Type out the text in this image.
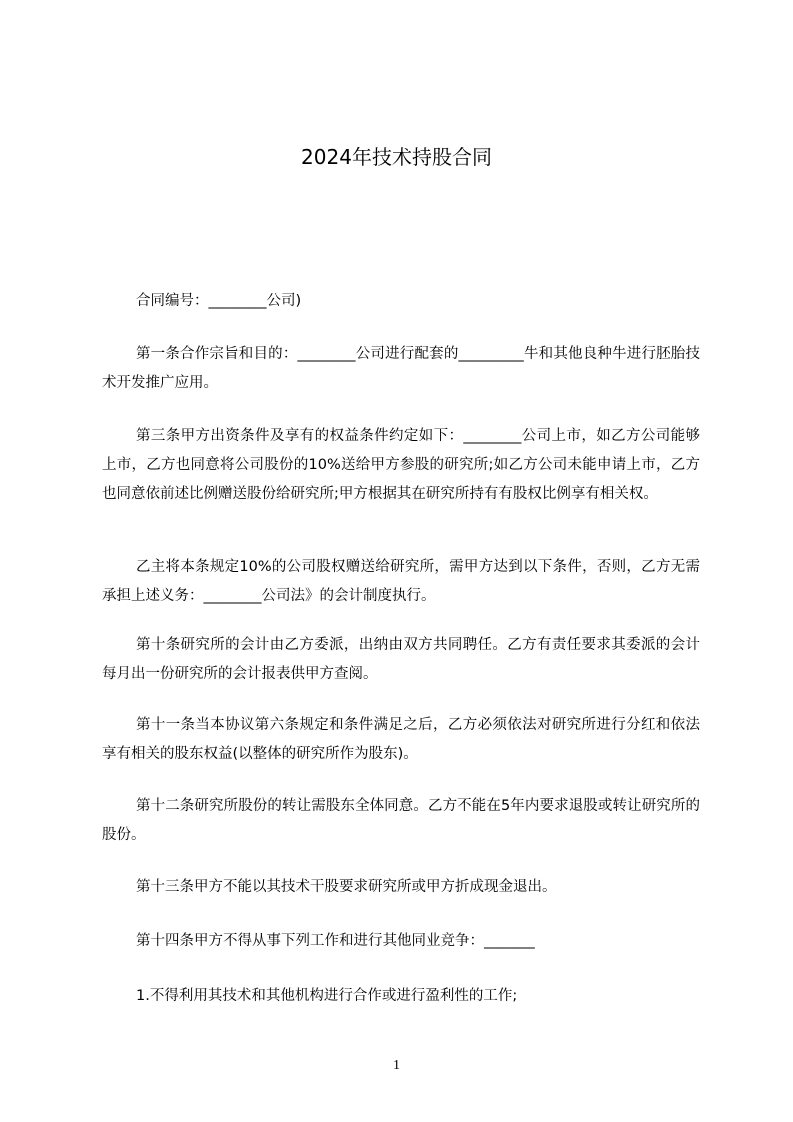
2024年技术持股合同
合同编号：________公司)
第一条合作宗旨和目的：________公司进行配套的_________牛和其他良种牛进行胚胎技术开发推广应用。
第三条甲方出资条件及享有的权益条件约定如下：________公司上市，如乙方公司能够上市，乙方也同意将公司股份的10%送给甲方参股的研究所;如乙方公司未能申请上市，乙方也同意依前述比例赠送股份给研究所;甲方根据其在研究所持有有股权比例享有相关权。
乙主将本条规定10%的公司股权赠送给研究所，需甲方达到以下条件，否则，乙方无需承担上述义务：________公司法》的会计制度执行。
第十条研究所的会计由乙方委派，出纳由双方共同聘任。乙方有责任要求其委派的会计每月出一份研究所的会计报表供甲方查阅。
第十一条当本协议第六条规定和条件满足之后，乙方必须依法对研究所进行分红和依法享有相关的股东权益(以整体的研究所作为股东)。
第十二条研究所股份的转让需股东全体同意。乙方不能在5年内要求退股或转让研究所的股份。
第十三条甲方不能以其技术干股要求研究所或甲方折成现金退出。
第十四条甲方不得从事下列工作和进行其他同业竞争：_______
1.不得利用其技术和其他机构进行合作或进行盈利性的工作;
1
